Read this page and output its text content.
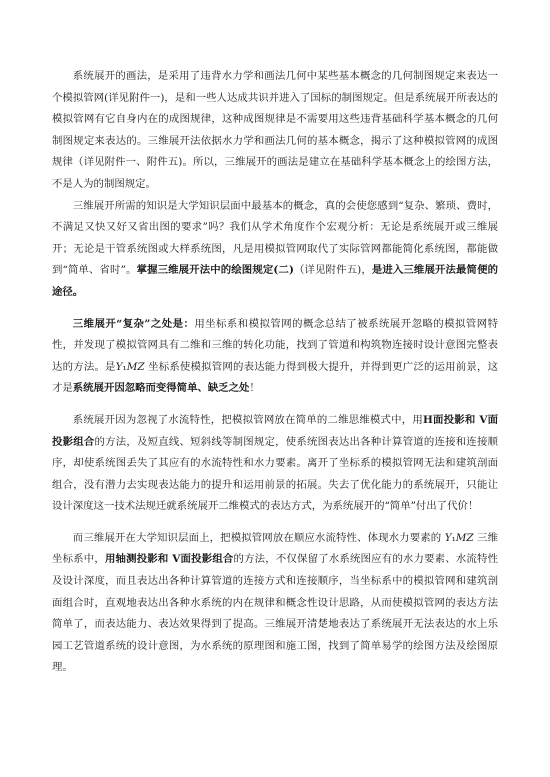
系统展开的画法，是采用了违背水力学和画法几何中某些基本概念的几何制图规定来表达一个模拟管网(详见附件一)，是和一些人达成共识并进入了国标的制图规定。但是系统展开所表达的模拟管网有它自身内在的成图规律，这种成图规律是不需要用这些违背基础科学基本概念的几何制图规定来表达的。三维展开法依据水力学和画法几何的基本概念，揭示了这种模拟管网的成图规律（详见附件一、附件五)。所以，三维展开的画法是建立在基础科学基本概念上的绘图方法，不是人为的制图规定。

三维展开所需的知识是大学知识层面中最基本的概念，真的会使您感到“复杂、繁琐、费时，不满足又快又好又省出图的要求”吗？我们从学术角度作个宏观分析：无论是系统展开或三维展开；无论是干管系统图或大样系统图，凡是用模拟管网取代了实际管网都能简化系统图，都能做到“简单、省时”。掌握三维展开法中的绘图规定(二)（详见附件五)，是进入三维展开法最简便的途径。

三维展开“复杂”之处是：用坐标系和模拟管网的概念总结了被系统展开忽略的模拟管网特性，并发现了模拟管网具有二维和三维的转化功能，找到了管道和构筑物连接时设计意图完整表达的方法。是Y₁MZ 坐标系使模拟管网的表达能力得到极大提升，并得到更广泛的运用前景，这才是系统展开因忽略而变得简单、缺乏之处！

系统展开因为忽视了水流特性，把模拟管网放在简单的二维思维模式中，用H面投影和 V面投影组合的方法，及短直线、短斜线等制图规定，使系统图表达出各种计算管道的连接和连接顺序，却使系统图丢失了其应有的水流特性和水力要素。离开了坐标系的模拟管网无法和建筑剖面组合，没有潜力去实现表达能力的提升和运用前景的拓展。失去了优化能力的系统展开，只能让设计深度这一技术法规迁就系统展开二维模式的表达方式，为系统展开的“简单”付出了代价！

而三维展开在大学知识层面上，把模拟管网放在顺应水流特性、体现水力要素的 Y₁MZ 三维坐标系中，用轴测投影和 V面投影组合的方法，不仅保留了水系统图应有的水力要素、水流特性及设计深度，而且表达出各种计算管道的连接方式和连接顺序，当坐标系中的模拟管网和建筑剖面组合时，直观地表达出各种水系统的内在规律和概念性设计思路，从而使模拟管网的表达方法简单了，而表达能力、表达效果得到了提高。三维展开清楚地表达了系统展开无法表达的水上乐园工艺管道系统的设计意图，为水系统的原理图和施工图，找到了简单易学的绘图方法及绘图原理。
